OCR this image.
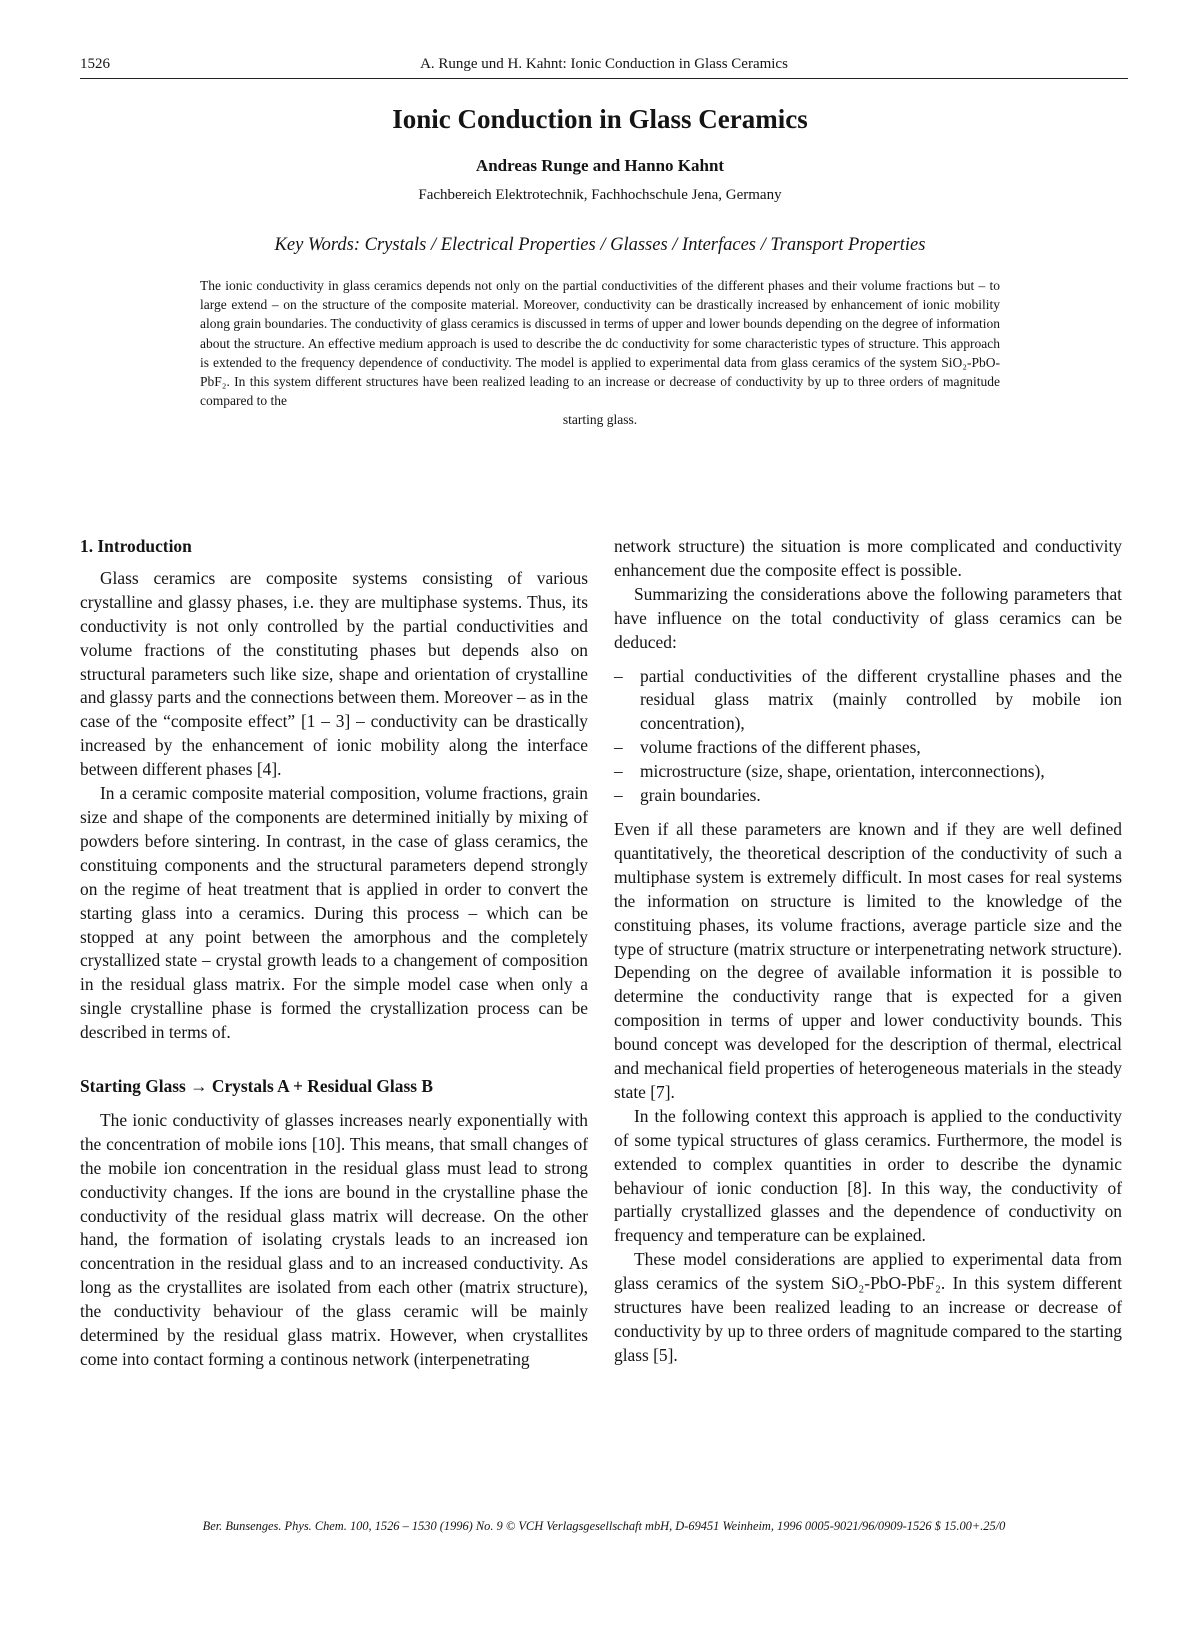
1526	A. Runge und H. Kahnt: Ionic Conduction in Glass Ceramics
Ionic Conduction in Glass Ceramics
Andreas Runge and Hanno Kahnt
Fachbereich Elektrotechnik, Fachhochschule Jena, Germany
Key Words: Crystals / Electrical Properties / Glasses / Interfaces / Transport Properties
The ionic conductivity in glass ceramics depends not only on the partial conductivities of the different phases and their volume fractions but – to large extend – on the structure of the composite material. Moreover, conductivity can be drastically increased by enhancement of ionic mobility along grain boundaries. The conductivity of glass ceramics is discussed in terms of upper and lower bounds depending on the degree of information about the structure. An effective medium approach is used to describe the dc conductivity for some characteristic types of structure. This approach is extended to the frequency dependence of conductivity. The model is applied to experimental data from glass ceramics of the system SiO₂-PbO-PbF₂. In this system different structures have been realized leading to an increase or decrease of conductivity by up to three orders of magnitude compared to the
starting glass.
1. Introduction

Glass ceramics are composite systems consisting of various crystalline and glassy phases, i.e. they are multiphase systems. Thus, its conductivity is not only controlled by the partial conductivities and volume fractions of the constituting phases but depends also on structural parameters such like size, shape and orientation of crystalline and glassy parts and the connections between them. Moreover – as in the case of the “composite effect” [1 – 3] – conductivity can be drastically increased by the enhancement of ionic mobility along the interface between different phases [4].

In a ceramic composite material composition, volume fractions, grain size and shape of the components are determined initially by mixing of powders before sintering. In contrast, in the case of glass ceramics, the constituing components and the structural parameters depend strongly on the regime of heat treatment that is applied in order to convert the starting glass into a ceramics. During this process – which can be stopped at any point between the amorphous and the completely crystallized state – crystal growth leads to a changement of composition in the residual glass matrix. For the simple model case when only a single crystalline phase is formed the crystallization process can be described in terms of.

Starting Glass → Crystals A + Residual Glass B

The ionic conductivity of glasses increases nearly exponentially with the concentration of mobile ions [10]. This means, that small changes of the mobile ion concentration in the residual glass must lead to strong conductivity changes. If the ions are bound in the crystalline phase the conductivity of the residual glass matrix will decrease. On the other hand, the formation of isolating crystals leads to an increased ion concentration in the residual glass and to an increased conductivity. As long as the crystallites are isolated from each other (matrix structure), the conductivity behaviour of the glass ceramic will be mainly determined by the residual glass matrix. However, when crystallites come into contact forming a continous network (interpenetrating

network structure) the situation is more complicated and conductivity enhancement due the composite effect is possible.

Summarizing the considerations above the following parameters that have influence on the total conductivity of glass ceramics can be deduced:

– partial conductivities of the different crystalline phases and the residual glass matrix (mainly controlled by mobile ion concentration),
– volume fractions of the different phases,
– microstructure (size, shape, orientation, interconnections),
– grain boundaries.

Even if all these parameters are known and if they are well defined quantitatively, the theoretical description of the conductivity of such a multiphase system is extremely difficult. In most cases for real systems the information on structure is limited to the knowledge of the constituing phases, its volume fractions, average particle size and the type of structure (matrix structure or interpenetrating network structure). Depending on the degree of available information it is possible to determine the conductivity range that is expected for a given composition in terms of upper and lower conductivity bounds. This bound concept was developed for the description of thermal, electrical and mechanical field properties of heterogeneous materials in the steady state [7].

In the following context this approach is applied to the conductivity of some typical structures of glass ceramics. Furthermore, the model is extended to complex quantities in order to describe the dynamic behaviour of ionic conduction [8]. In this way, the conductivity of partially crystallized glasses and the dependence of conductivity on frequency and temperature can be explained.

These model considerations are applied to experimental data from glass ceramics of the system SiO₂-PbO-PbF₂. In this system different structures have been realized leading to an increase or decrease of conductivity by up to three orders of magnitude compared to the starting glass [5].

Ber. Bunsenges. Phys. Chem. 100, 1526 – 1530 (1996) No. 9 © VCH Verlagsgesellschaft mbH, D-69451 Weinheim, 1996 0005-9021/96/0909-1526 $ 15.00+.25/0
